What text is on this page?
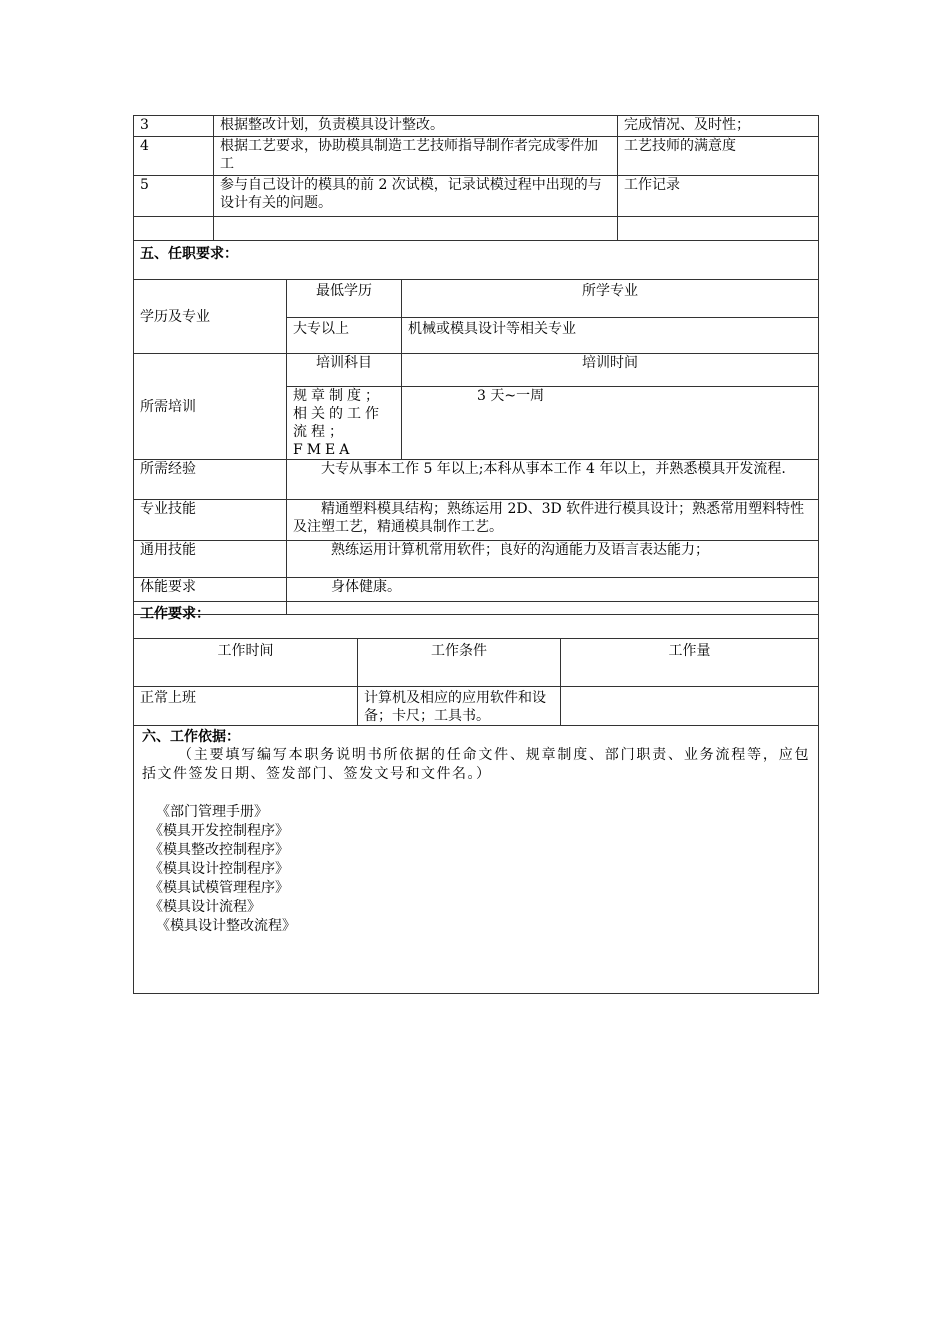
3	根据整改计划，负责模具设计整改。	完成情况、及时性；
4	根据工艺要求，协助模具制造工艺技师指导制作者完成零件加工	工艺技师的满意度
5	参与自己设计的模具的前 2 次试模，记录试模过程中出现的与设计有关的问题。	工作记录

五、任职要求：		
学历及专业	最低学历	所学专业
	大专以上	机械或模具设计等相关专业
所需培训	培训科目	培训时间
	规章制度；相关的工作流程；FMEA	3 天~一周
所需经验	大专从事本工作 5 年以上;本科从事本工作 4 年以上，并熟悉模具开发流程.	
专业技能	精通塑料模具结构；熟练运用 2D、3D 软件进行模具设计；熟悉常用塑料特性及注塑工艺，精通模具制作工艺。	
通用技能	熟练运用计算机常用软件；良好的沟通能力及语言表达能力；	
体能要求	身体健康。	
工作要求：		
工作时间	工作条件	工作量
正常上班	计算机及相应的应用软件和设备；卡尺；工具书。	
六、工作依据：
（主要填写编写本职务说明书所依据的任命文件、规章制度、部门职责、业务流程等，应包括文件签发日期、签发部门、签发文号和文件名。）
《部门管理手册》
《模具开发控制程序》
《模具整改控制程序》
《模具设计控制程序》
《模具试模管理程序》
《模具设计流程》
《模具设计整改流程》
